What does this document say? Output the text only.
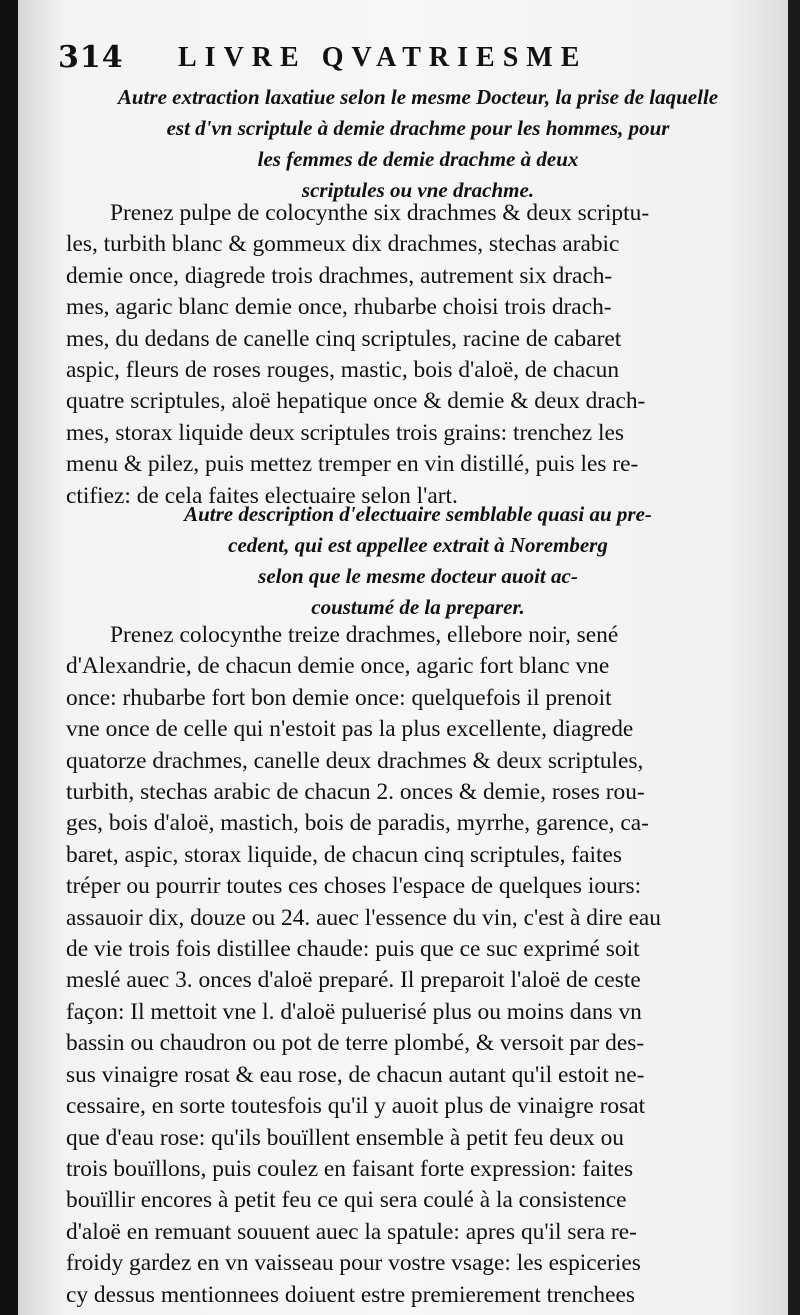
314 LIVRE QVATRIESME
Autre extraction laxatiue selon le mesme Docteur, la prise de laquelle
est d'vn scriptule à demie drachme pour les hommes, pour
les femmes de demie drachme à deux
scriptules ou vne drachme.
Prenez pulpe de colocynthe six drachmes & deux scriptu-
les, turbith blanc & gommeux dix drachmes, stechas arabic
demie once, diagrede trois drachmes, autrement six drach-
mes, agaric blanc demie once, rhubarbe choisi trois drach-
mes, du dedans de canelle cinq scriptules, racine de cabaret
aspic, fleurs de roses rouges, mastic, bois d'aloë, de chacun
quatre scriptules, aloë hepatique once & demie & deux drach-
mes, storax liquide deux scriptules trois grains: trenchez les
menu & pilez, puis mettez tremper en vin distillé, puis les re-
ctifiez: de cela faites electuaire selon l'art.
Autre description d'electuaire semblable quasi au pre-
cedent, qui est appellee extrait à Noremberg
selon que le mesme docteur auoit ac-
coustumé de la preparer.
Prenez colocynthe treize drachmes, ellebore noir, sené
d'Alexandrie, de chacun demie once, agaric fort blanc vne
once: rhubarbe fort bon demie once: quelquefois il prenoit
vne once de celle qui n'estoit pas la plus excellente, diagrede
quatorze drachmes, canelle deux drachmes & deux scriptules,
turbith, stechas arabic de chacun 2. onces & demie, roses rou-
ges, bois d'aloë, mastich, bois de paradis, myrrhe, garence, ca-
baret, aspic, storax liquide, de chacun cinq scriptules, faites
tréper ou pourrir toutes ces choses l'espace de quelques iours:
assauoir dix, douze ou 24. auec l'essence du vin, c'est à dire eau
de vie trois fois distillee chaude: puis que ce suc exprimé soit
meslé auec 3. onces d'aloë preparé. Il preparoit l'aloë de ceste
façon: Il mettoit vne l. d'aloë puluerisé plus ou moins dans vn
bassin ou chaudron ou pot de terre plombé, & versoit par des-
sus vinaigre rosat & eau rose, de chacun autant qu'il estoit ne-
cessaire, en sorte toutesfois qu'il y auoit plus de vinaigre rosat
que d'eau rose: qu'ils bouïllent ensemble à petit feu deux ou
trois bouïllons, puis coulez en faisant forte expression: faites
bouïllir encores à petit feu ce qui sera coulé à la consistence
d'aloë en remuant souuent auec la spatule: apres qu'il sera re-
froidy gardez en vn vaisseau pour vostre vsage: les espiceries
cy dessus mentionnees doiuent estre premierement trenchees
